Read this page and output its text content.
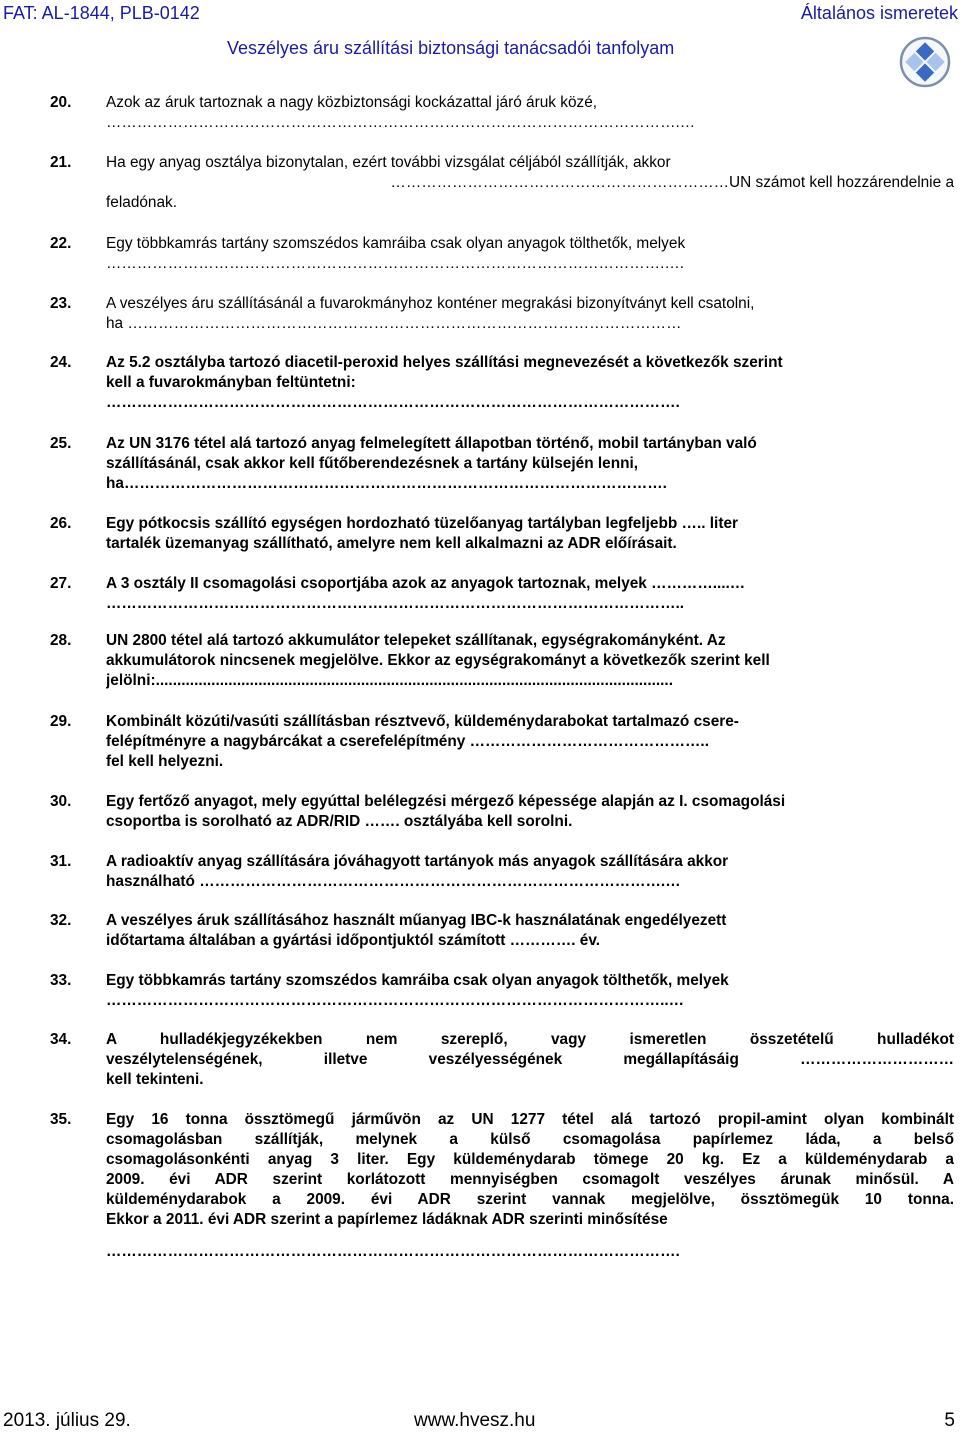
FAT: AL-1844, PLB-0142	Általános ismeretek
Veszélyes áru szállítási biztonsági tanácsadói tanfolyam
20. Azok az áruk tartoznak a nagy közbiztonsági kockázattal járó áruk közé,
………………………………………………………………………………………………….…
21. Ha egy anyag osztálya bizonytalan, ezért további vizsgálat céljából szállítják, akkor
…………………………………………………………UN számot kell hozzárendelnie a
feladónak.
22. Egy többkamrás tartány szomszédos kamráiba csak olyan anyagok tölthetők, melyek
……………………………………………………………………………………………….….
23. A veszélyes áru szállításánál a fuvarokmányhoz konténer megrakási bizonyítványt kell csatolni,
ha ………………………………………………………………………………………………
24. Az 5.2 osztályba tartozó diacetil-peroxid helyes szállítási megnevezését a következők szerint
kell a fuvarokmányban feltüntetni:
………………………………………………………………………………………………….
25. Az UN 3176 tétel alá tartozó anyag felmelegített állapotban történő, mobil tartányban való
szállításánál, csak akkor kell fűtőberendezésnek a tartány külsején lenni,
ha…………………………………………………………………………………………….
26. Egy pótkocsis szállító egységen hordozható tüzelőanyag tartályban legfeljebb ….. liter
tartalék üzemanyag szállítható, amelyre nem kell alkalmazni az ADR előírásait.
27. A 3 osztály II csomagolási csoportjába azok az anyagok tartoznak, melyek …………....…
…………………………………………………………………………………………………..
28. UN 2800 tétel alá tartozó akkumulátor telepeket szállítanak, egységrakományként. Az
akkumulátorok nincsenek megjelölve. Ekkor az egységrakományt a következők szerint kell
jelölni:.........................................................................................................................
29. Kombinált közúti/vasúti szállításban résztvevő, küldeménydarabokat tartalmazó csere-
felépítményre a nagybárcákat a cserefelépítmény ………………………………………..
fel kell helyezni.
30. Egy fertőző anyagot, mely egyúttal belélegzési mérgező képessége alapján az I. csomagolási
csoportba is sorolható az ADR/RID ……. osztályába kell sorolni.
31. A radioaktív anyag szállítására jóváhagyott tartányok más anyagok szállítására akkor
használható ……………………………………………………………………………….…
32. A veszélyes áruk szállításához használt műanyag IBC-k használatának engedélyezett
időtartama általában a gyártási időpontjuktól számított …………. év.
33. Egy többkamrás tartány szomszédos kamráiba csak olyan anyagok tölthetők, melyek
………………………………………………………………………………………………..…
34. A hulladékjegyzékekben nem szereplő, vagy ismeretlen összetételű hulladékot
veszélytelenségének, illetve veszélyességének megállapításáig …………………………
kell tekinteni.
35. Egy 16 tonna össztömegű járművön az UN 1277 tétel alá tartozó propil-amint olyan kombinált
csomagolásban szállítják, melynek a külső csomagolása papírlemez láda, a belső
csomagolásonkénti anyag 3 liter. Egy küldeménydarab tömege 20 kg. Ez a küldeménydarab a
2009. évi ADR szerint korlátozott mennyiségben csomagolt veszélyes árunak minősül. A
küldeménydarabok a 2009. évi ADR szerint vannak megjelölve, össztömegük 10 tonna.
Ekkor a 2011. évi ADR szerint a papírlemez ládáknak ADR szerinti minősítése
………………………………………………………………………………………………….
2013. július 29.	www.hvesz.hu	5
